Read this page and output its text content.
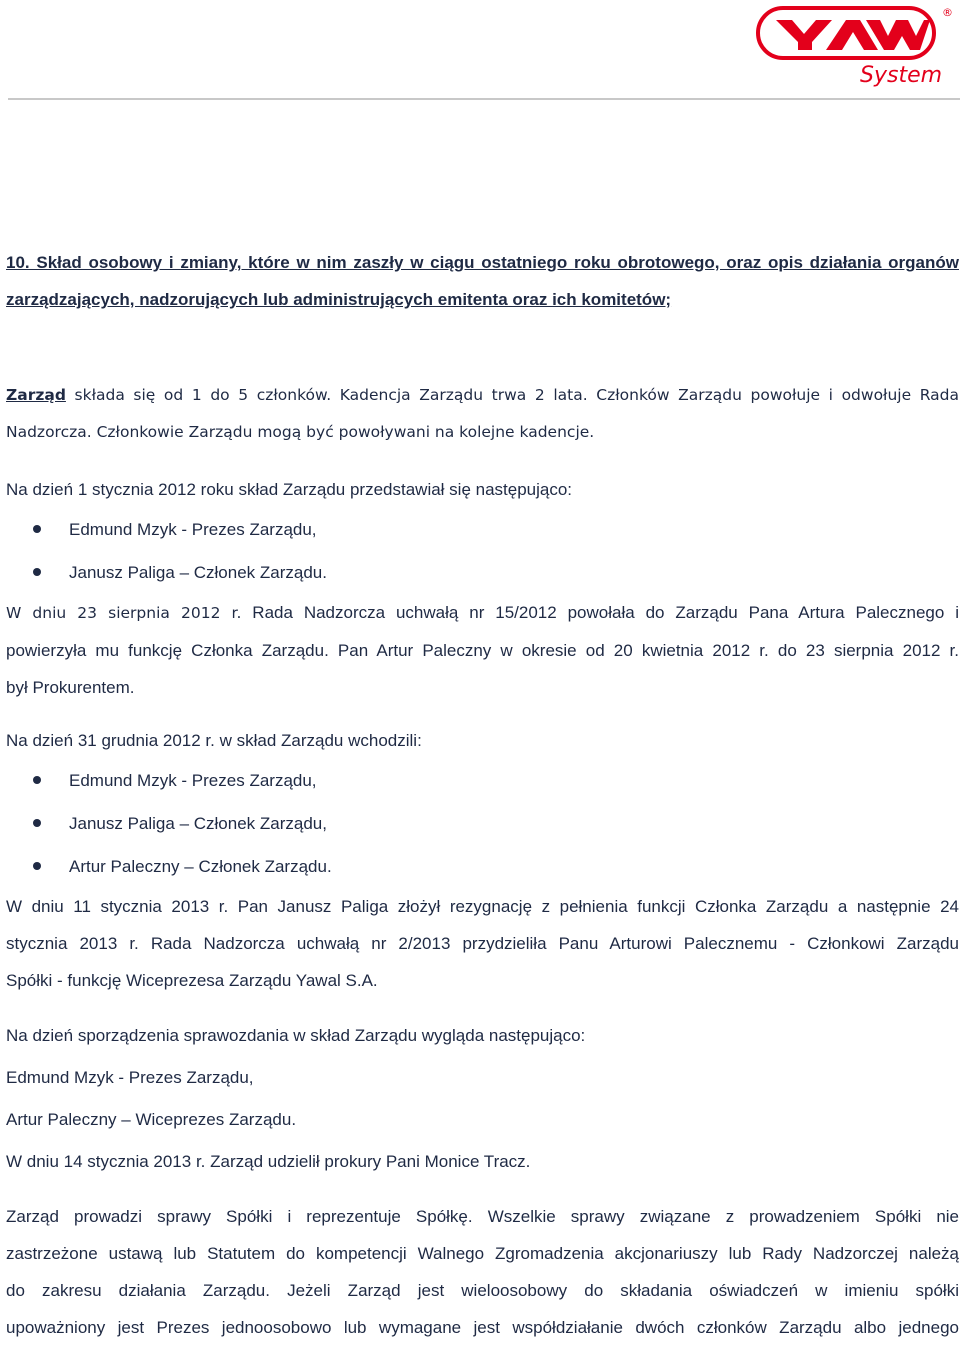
®
System

10. Skład osobowy i zmiany, które w nim zaszły w ciągu ostatniego roku obrotowego, oraz opis działania organów

zarządzających, nadzorujących lub administrujących emitenta oraz ich komitetów;

Zarząd składa się od 1 do 5 członków. Kadencja Zarządu trwa 2 lata. Członków Zarządu powołuje i odwołuje Rada

Nadzorcza. Członkowie Zarządu mogą być powoływani na kolejne kadencje.

Na dzień 1 stycznia 2012 roku skład Zarządu przedstawiał się następująco:

Edmund Mzyk - Prezes Zarządu,
Janusz Paliga – Członek Zarządu.

W dniu 23 sierpnia 2012 r. Rada Nadzorcza uchwałą nr 15/2012 powołała do Zarządu Pana Artura Palecznego i

powierzyła mu funkcję Członka Zarządu. Pan Artur Paleczny w okresie od 20 kwietnia 2012 r. do 23 sierpnia 2012 r.

był Prokurentem.

Na dzień 31 grudnia 2012 r. w skład Zarządu wchodzili:

Edmund Mzyk - Prezes Zarządu,
Janusz Paliga – Członek Zarządu,
Artur Paleczny – Członek Zarządu.

W dniu 11 stycznia 2013 r. Pan Janusz Paliga złożył rezygnację z pełnienia funkcji Członka Zarządu a następnie 24

stycznia 2013 r. Rada Nadzorcza uchwałą nr 2/2013 przydzieliła Panu Arturowi Palecznemu - Członkowi Zarządu

Spółki - funkcję Wiceprezesa Zarządu Yawal S.A.

Na dzień sporządzenia sprawozdania w skład Zarządu wygląda następująco:

Edmund Mzyk - Prezes Zarządu,

Artur Paleczny – Wiceprezes Zarządu.

W dniu 14 stycznia 2013 r. Zarząd udzielił prokury Pani Monice Tracz.

Zarząd prowadzi sprawy Spółki i reprezentuje Spółkę. Wszelkie sprawy związane z prowadzeniem Spółki nie

zastrzeżone ustawą lub Statutem do kompetencji Walnego Zgromadzenia akcjonariuszy lub Rady Nadzorczej należą

do zakresu działania Zarządu. Jeżeli Zarząd jest wieloosobowy do składania oświadczeń w imieniu spółki

upoważniony jest Prezes jednoosobowo lub wymagane jest współdziałanie dwóch członków Zarządu albo jednego
